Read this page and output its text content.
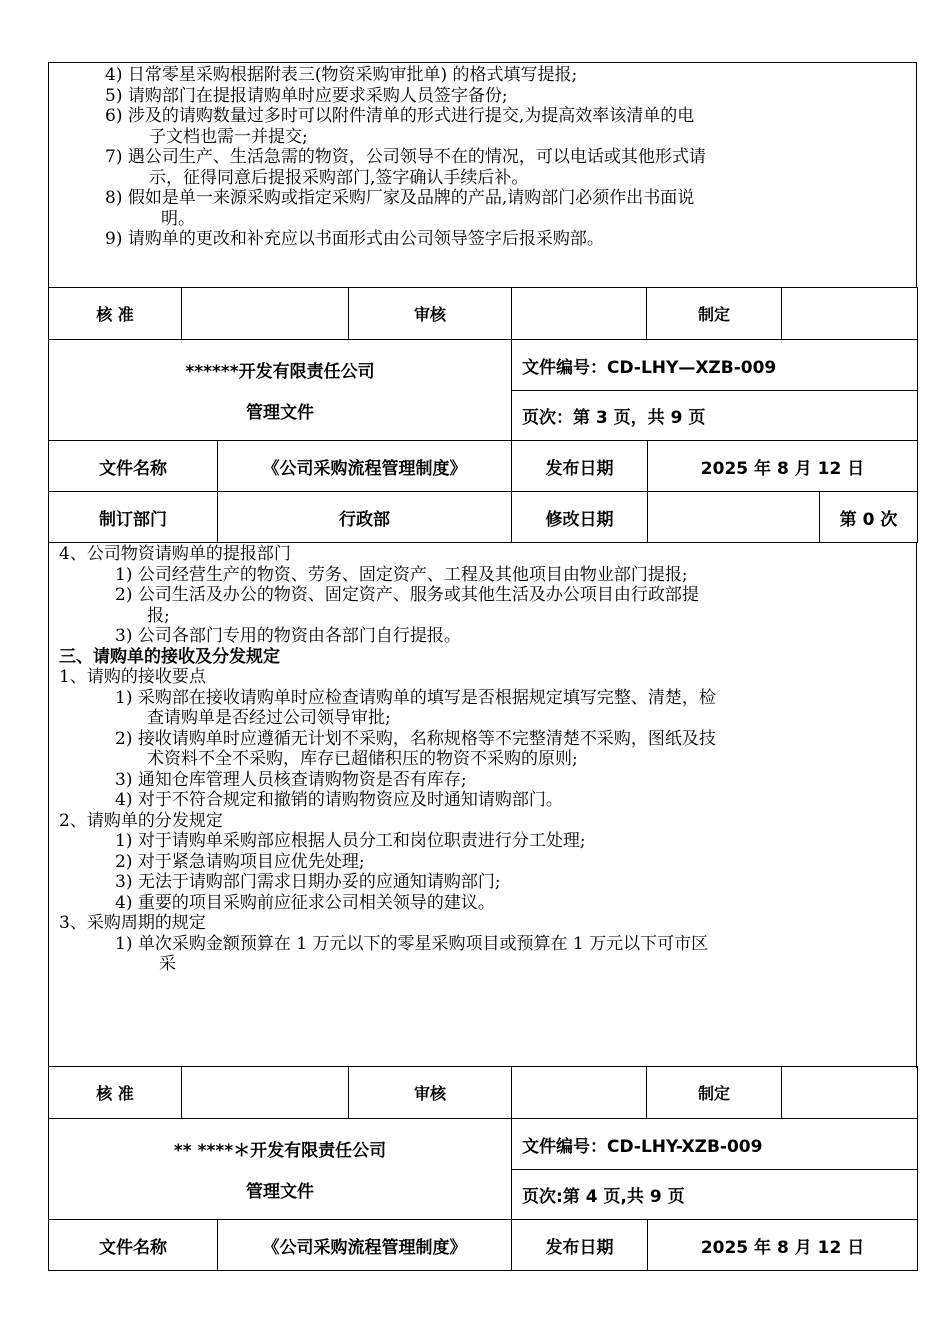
4) 日常零星采购根据附表三(物资采购审批单) 的格式填写提报;
5) 请购部门在提报请购单时应要求采购人员签字备份;
6) 涉及的请购数量过多时可以附件清单的形式进行提交,为提高效率该清单的电
子文档也需一并提交;
7) 遇公司生产、生活急需的物资，公司领导不在的情况，可以电话或其他形式请
示，征得同意后提报采购部门,签字确认手续后补。
8) 假如是单一来源采购或指定采购厂家及品牌的产品,请购部门必须作出书面说
明。
9) 请购单的更改和补充应以书面形式由公司领导签字后报采购部。
核 准		审核		制定	
******开发有限责任公司
管理文件		文件编号：CD-LHY—XZB-009		
		页次：第 3 页，共 9 页		
文件名称	《公司采购流程管理制度》	发布日期	2025 年 8 月 12 日	
制订部门	行政部	修改日期		第 0 次
4、公司物资请购单的提报部门
1) 公司经营生产的物资、劳务、固定资产、工程及其他项目由物业部门提报;
2) 公司生活及办公的物资、固定资产、服务或其他生活及办公项目由行政部提
报;
3) 公司各部门专用的物资由各部门自行提报。
三、请购单的接收及分发规定
1、请购的接收要点
1) 采购部在接收请购单时应检查请购单的填写是否根据规定填写完整、清楚，检
查请购单是否经过公司领导审批;
2) 接收请购单时应遵循无计划不采购，名称规格等不完整清楚不采购，图纸及技
术资料不全不采购，库存已超储积压的物资不采购的原则;
3) 通知仓库管理人员核查请购物资是否有库存;
4) 对于不符合规定和撤销的请购物资应及时通知请购部门。
2、请购单的分发规定
1) 对于请购单采购部应根据人员分工和岗位职责进行分工处理;
2) 对于紧急请购项目应优先处理;
3) 无法于请购部门需求日期办妥的应通知请购部门;
4) 重要的项目采购前应征求公司相关领导的建议。
3、采购周期的规定
1) 单次采购金额预算在 1 万元以下的零星采购项目或预算在 1 万元以下可市区
采
核 准		审核		制定	
** ****＊开发有限责任公司
管理文件		文件编号：CD-LHY-XZB-009	
		页次:第 4 页,共 9 页	
文件名称	《公司采购流程管理制度》	发布日期	2025 年 8 月 12 日
